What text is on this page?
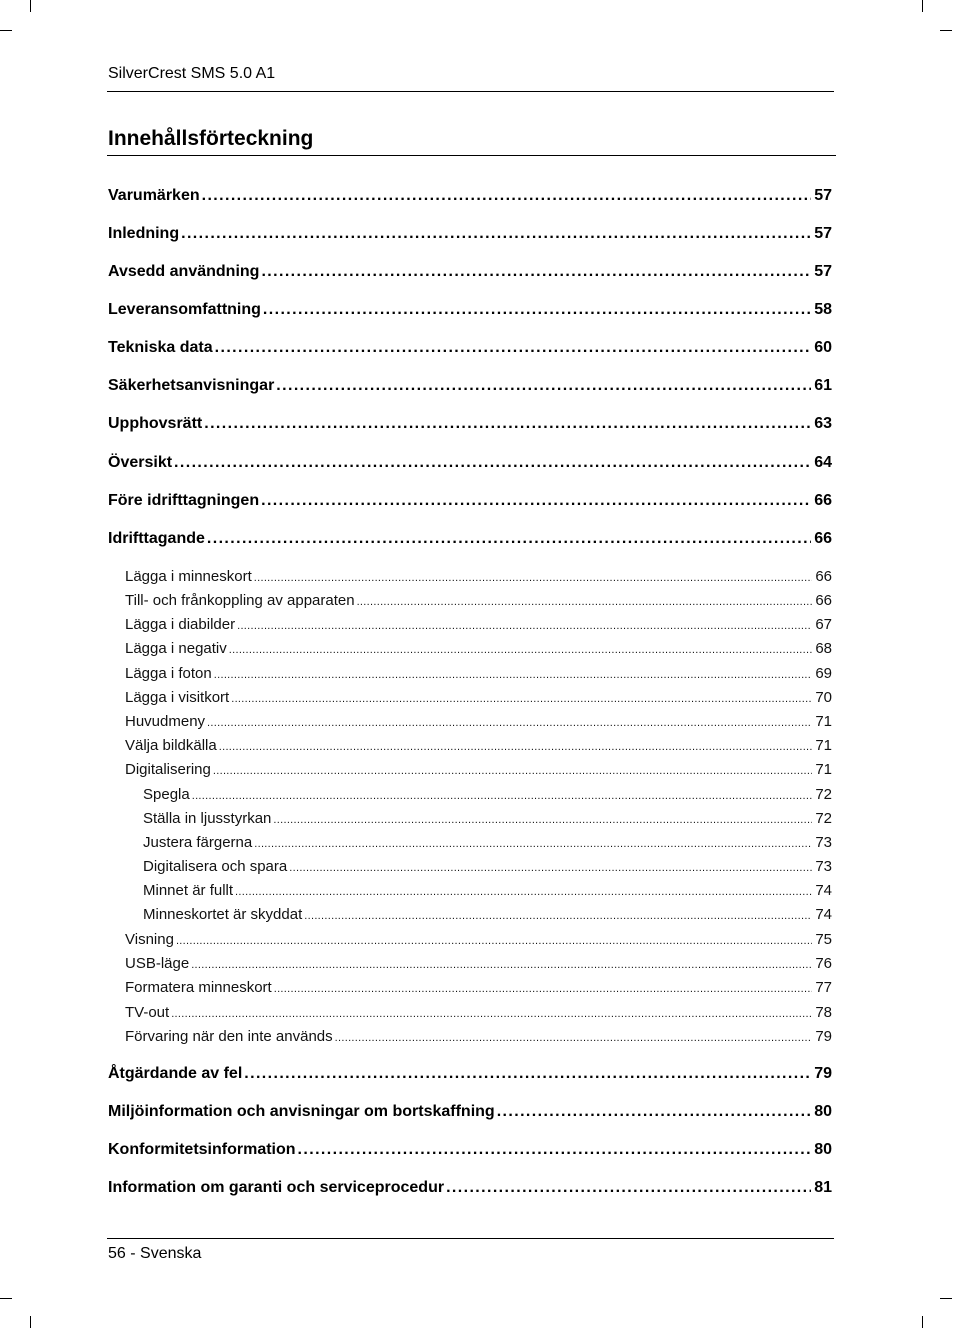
SilverCrest SMS 5.0 A1
Innehållsförteckning
Varumärken .....	57
Inledning .....	57
Avsedd användning .....	57
Leveransomfattning .....	58
Tekniska data .....	60
Säkerhetsanvisningar .....	61
Upphovsrätt .....	63
Översikt .....	64
Före idrifttagningen .....	66
Idrifttagande .....	66
Lägga i minneskort .....	66
Till- och frånkoppling av apparaten .....	66
Lägga i diabilder .....	67
Lägga i negativ .....	68
Lägga i foton .....	69
Lägga i visitkort .....	70
Huvudmeny .....	71
Välja bildkälla .....	71
Digitalisering .....	71
Spegla .....	72
Ställa in ljusstyrkan .....	72
Justera färgerna .....	73
Digitalisera och spara .....	73
Minnet är fullt .....	74
Minneskortet är skyddat .....	74
Visning .....	75
USB-läge .....	76
Formatera minneskort .....	77
TV-out .....	78
Förvaring när den inte används .....	79
Åtgärdande av fel .....	79
Miljöinformation och anvisningar om bortskaffning .....	80
Konformitetsinformation .....	80
Information om garanti och serviceprocedur .....	81
56 - Svenska
